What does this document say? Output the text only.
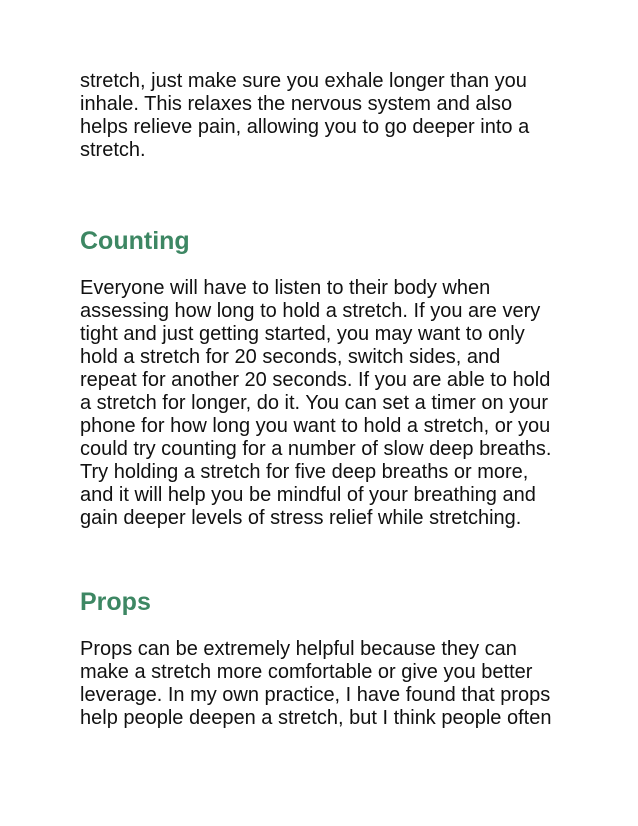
stretch, just make sure you exhale longer than you
inhale. This relaxes the nervous system and also
helps relieve pain, allowing you to go deeper into a
stretch.
Counting
Everyone will have to listen to their body when
assessing how long to hold a stretch. If you are very
tight and just getting started, you may want to only
hold a stretch for 20 seconds, switch sides, and
repeat for another 20 seconds. If you are able to hold
a stretch for longer, do it. You can set a timer on your
phone for how long you want to hold a stretch, or you
could try counting for a number of slow deep breaths.
Try holding a stretch for five deep breaths or more,
and it will help you be mindful of your breathing and
gain deeper levels of stress relief while stretching.
Props
Props can be extremely helpful because they can
make a stretch more comfortable or give you better
leverage. In my own practice, I have found that props
help people deepen a stretch, but I think people often
